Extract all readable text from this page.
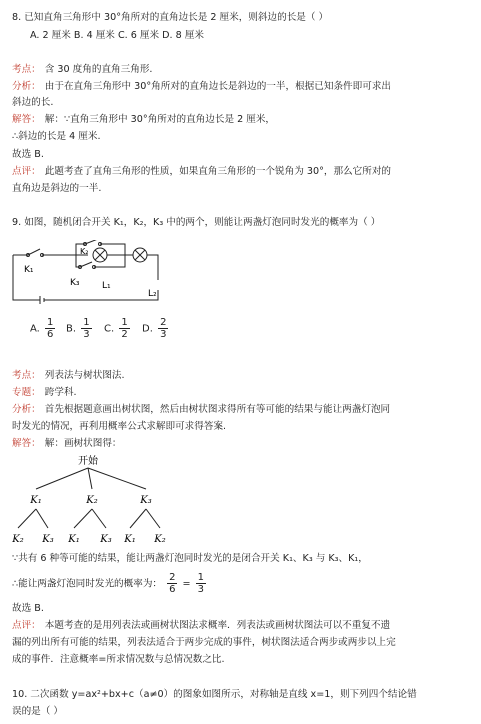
8. 已知直角三角形中 30°角所对的直角边长是 2 厘米，则斜边的长是（ ）
A. 2 厘米 B. 4 厘米 C. 6 厘米 D. 8 厘米
考点： 含 30 度角的直角三角形.
分析： 由于在直角三角形中 30°角所对的直角边长是斜边的一半，根据已知条件即可求出
斜边的长.
解答： 解：∵直角三角形中 30°角所对的直角边长是 2 厘米，
∴斜边的长是 4 厘米.
故选 B.
点评： 此题考查了直角三角形的性质，如果直角三角形的一个锐角为 30°，那么它所对的
直角边是斜边的一半.
9. 如图，随机闭合开关 K₁，K₂，K₃ 中的两个，则能让两盏灯泡同时发光的概率为（ ）
K₁
K₂
K₃ L₁
L₂
A. $\frac{1}{6} B$. $\frac{1}{3} C$. $\frac{1}{2} D$. $\frac{2}{3}$
考点： 列表法与树状图法.
专题： 跨学科.
分析： 首先根据题意画出树状图，然后由树状图求得所有等可能的结果与能让两盏灯泡同
时发光的情况，再利用概率公式求解即可求得答案.
解答： 解：画树状图得：
开始
K₁	K₂	K₃
K₂ K₃ K₁ K₃ K₁ K₂
∵共有 6 种等可能的结果，能让两盏灯泡同时发光的是闭合开关 K₁、K₃ 与 K₃、K₁，
∴能让两盏灯泡同时发光的概率为： $\frac{2}{6} = \frac{1}{3}$
故选 B.
点评： 本题考查的是用列表法或画树状图法求概率．列表法或画树状图法可以不重复不遗
漏的列出所有可能的结果，列表法适合于两步完成的事件，树状图法适合两步或两步以上完
成的事件．注意概率=所求情况数与总情况数之比.
10. 二次函数 y=ax²+bx+c（a≠0）的图象如图所示，对称轴是直线 x=1，则下列四个结论错
误的是（ ）
